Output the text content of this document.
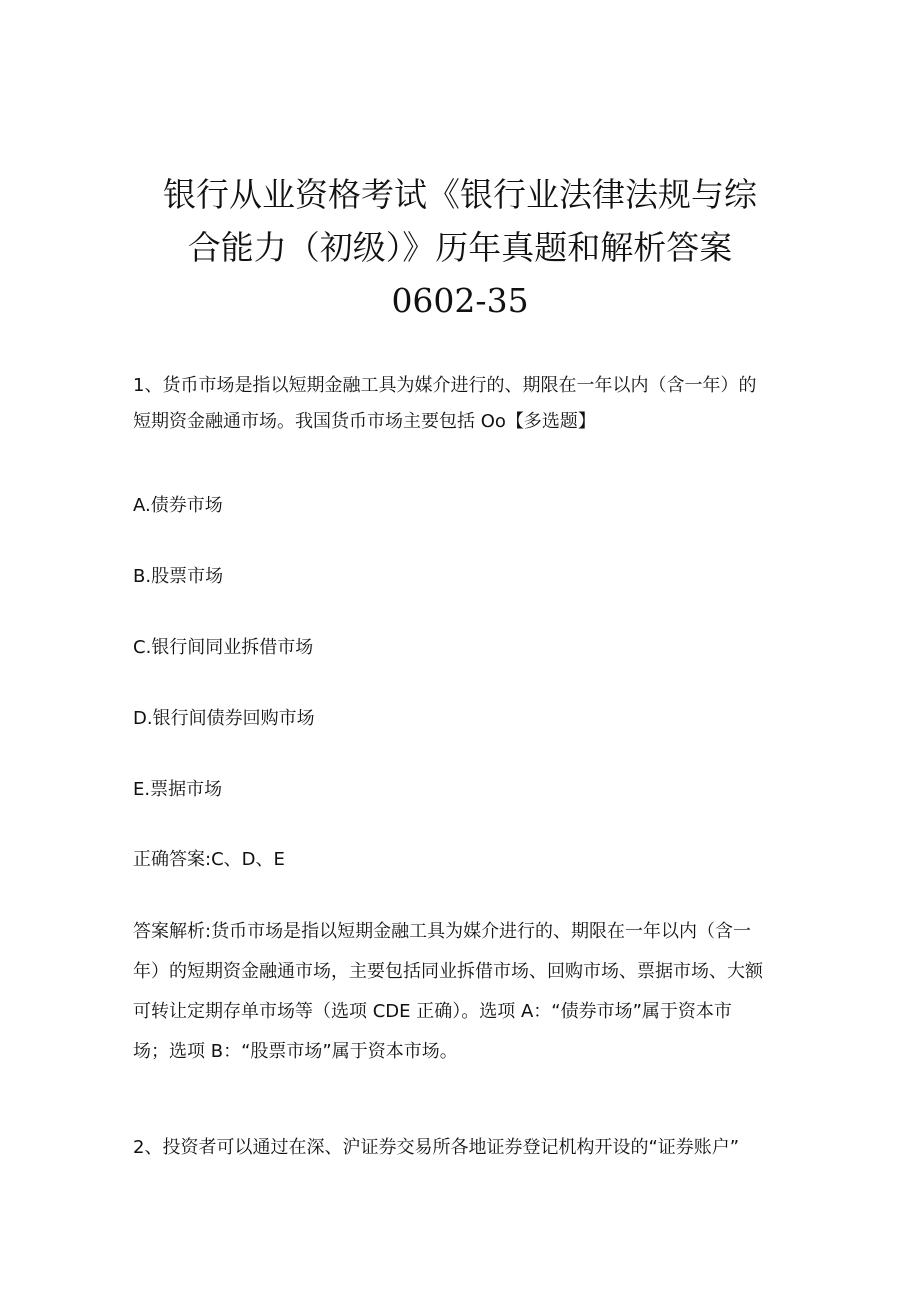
银行从业资格考试《银行业法律法规与综
合能力（初级）》历年真题和解析答案
0602-35
1、货币市场是指以短期金融工具为媒介进行的、期限在一年以内（含一年）的
短期资金融通市场。我国货币市场主要包括 Oo【多选题】
A.债券市场
B.股票市场
C.银行间同业拆借市场
D.银行间债券回购市场
E.票据市场
正确答案:C、D、E
答案解析:货币市场是指以短期金融工具为媒介进行的、期限在一年以内（含一
年）的短期资金融通市场，主要包括同业拆借市场、回购市场、票据市场、大额
可转让定期存单市场等（选项 CDE 正确）。选项 A：“债券市场”属于资本市
场；选项 B：“股票市场”属于资本市场。
2、投资者可以通过在深、沪证券交易所各地证券登记机构开设的“证券账户”
